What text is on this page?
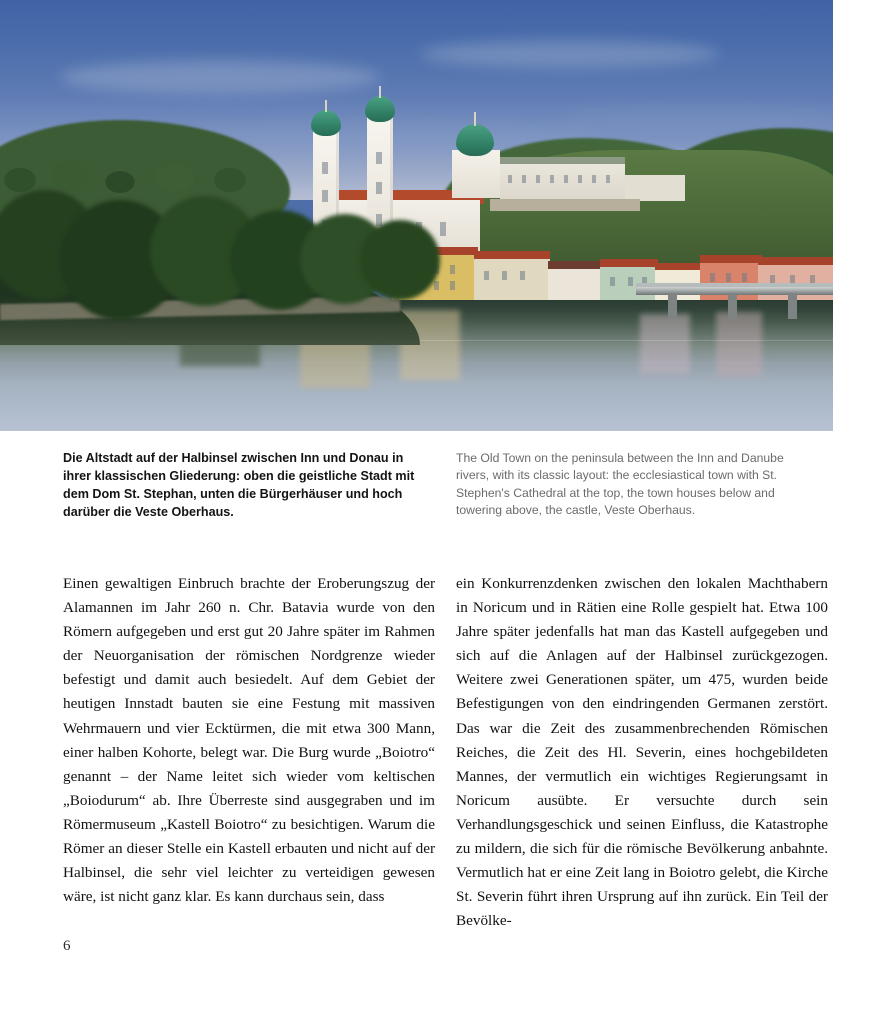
Die Altstadt auf der Halbinsel zwischen Inn und Donau in ihrer klassischen Gliederung: oben die geistliche Stadt mit dem Dom St. Stephan, unten die Bürgerhäuser und hoch darüber die Veste Oberhaus.
The Old Town on the peninsula between the Inn and Danube rivers, with its classic layout: the ecclesiastical town with St. Stephen's Cathedral at the top, the town houses below and towering above, the castle, Veste Oberhaus.
Einen gewaltigen Einbruch brachte der Eroberungszug der Alamannen im Jahr 260 n. Chr. Batavia wurde von den Römern aufgegeben und erst gut 20 Jahre später im Rahmen der Neuorganisation der römischen Nordgrenze wieder befestigt und damit auch besiedelt. Auf dem Gebiet der heutigen Innstadt bauten sie eine Festung mit massiven Wehrmauern und vier Ecktürmen, die mit etwa 300 Mann, einer halben Kohorte, belegt war. Die Burg wurde „Boiotro“ genannt – der Name leitet sich wieder vom keltischen „Boiodurum“ ab. Ihre Überreste sind ausgegraben und im Römermuseum „Kastell Boiotro“ zu besichtigen. Warum die Römer an dieser Stelle ein Kastell erbauten und nicht auf der Halbinsel, die sehr viel leichter zu verteidigen gewesen wäre, ist nicht ganz klar. Es kann durchaus sein, dass
ein Konkurrenzdenken zwischen den lokalen Machthabern in Noricum und in Rätien eine Rolle gespielt hat. Etwa 100 Jahre später jedenfalls hat man das Kastell aufgegeben und sich auf die Anlagen auf der Halbinsel zurückgezogen. Weitere zwei Generationen später, um 475, wurden beide Befestigungen von den eindringenden Germanen zerstört. Das war die Zeit des zusammenbrechenden Römischen Reiches, die Zeit des Hl. Severin, eines hochgebildeten Mannes, der vermutlich ein wichtiges Regierungsamt in Noricum ausübte. Er versuchte durch sein Verhandlungsgeschick und seinen Einfluss, die Katastrophe zu mildern, die sich für die römische Bevölkerung anbahnte. Vermutlich hat er eine Zeit lang in Boiotro gelebt, die Kirche St. Severin führt ihren Ursprung auf ihn zurück. Ein Teil der Bevölke-
6
